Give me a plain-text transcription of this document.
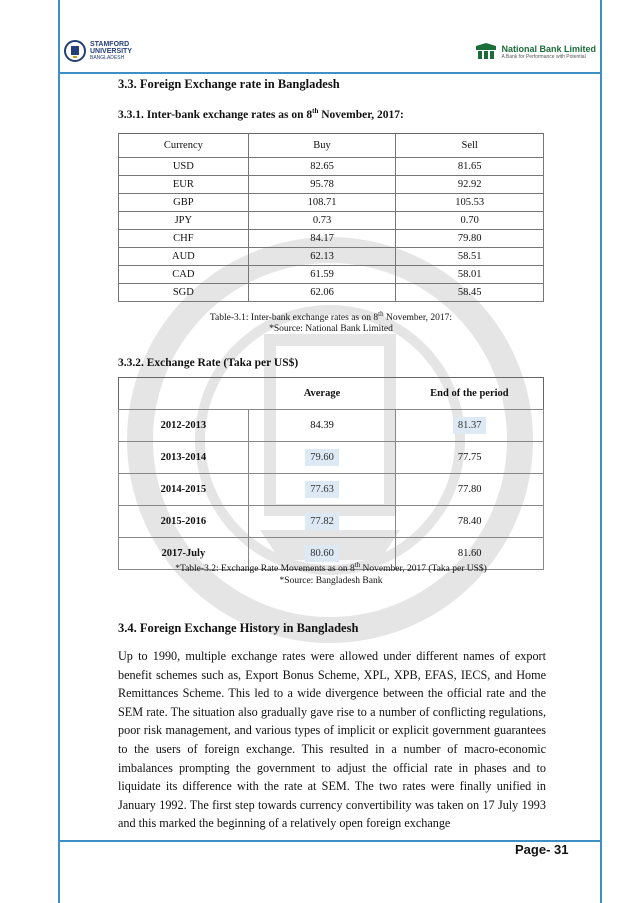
STAMFORD
UNIVERSITY
BANGLADESH
National Bank Limited
A Bank for Performance with Potential
3.3. Foreign Exchange rate in Bangladesh
3.3.1. Inter-bank exchange rates as on 8th November, 2017:
Currency	Buy	Sell
USD	82.65	81.65
EUR	95.78	92.92
GBP	108.71	105.53
JPY	0.73	0.70
CHF	84.17	79.80
AUD	62.13	58.51
CAD	61.59	58.01
SGD	62.06	58.45
Table-3.1: Inter-bank exchange rates as on 8th November, 2017:
*Source: National Bank Limited
3.3.2. Exchange Rate (Taka per US$)
	Average	End of the period
2012-2013	84.39	81.37
2013-2014	79.60	77.75
2014-2015	77.63	77.80
2015-2016	77.82	78.40
2017-July	80.60	81.60
*Table-3.2: Exchange Rate Movements as on 8th November, 2017 (Taka per US$)
*Source: Bangladesh Bank
3.4. Foreign Exchange History in Bangladesh

Up to 1990, multiple exchange rates were allowed under different names of export benefit schemes such as, Export Bonus Scheme, XPL, XPB, EFAS, IECS, and Home Remittances Scheme. This led to a wide divergence between the official rate and the SEM rate. The situation also gradually gave rise to a number of conflicting regulations, poor risk management, and various types of implicit or explicit government guarantees to the users of foreign exchange. This resulted in a number of macro-economic imbalances prompting the government to adjust the official rate in phases and to liquidate its difference with the rate at SEM. The two rates were finally unified in January 1992. The first step towards currency convertibility was taken on 17 July 1993 and this marked the beginning of a relatively open foreign exchange

Page- 31
